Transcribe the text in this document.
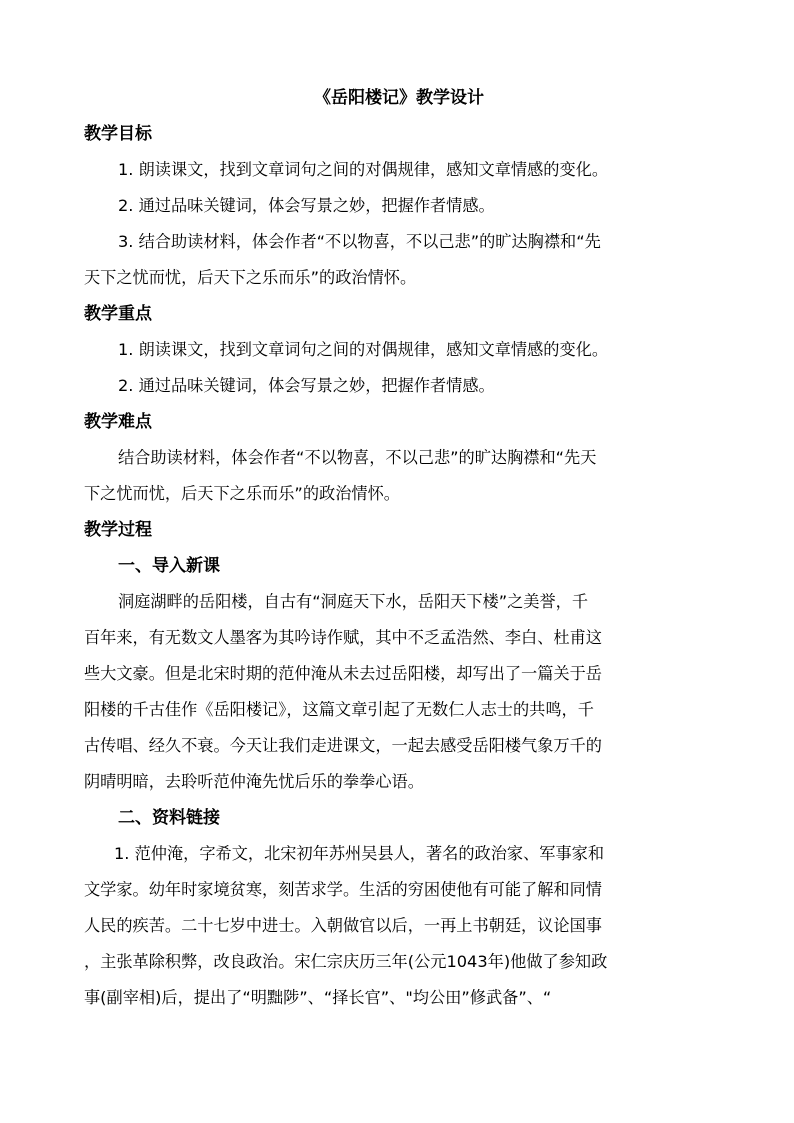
《岳阳楼记》教学设计
教学目标
1. 朗读课文，找到文章词句之间的对偶规律，感知文章情感的变化。
2. 通过品味关键词，体会写景之妙，把握作者情感。
3. 结合助读材料，体会作者“不以物喜，不以己悲”的旷达胸襟和“先
天下之忧而忧，后天下之乐而乐”的政治情怀。
教学重点
1. 朗读课文，找到文章词句之间的对偶规律，感知文章情感的变化。
2. 通过品味关键词，体会写景之妙，把握作者情感。
教学难点
结合助读材料，体会作者“不以物喜，不以己悲”的旷达胸襟和“先天
下之忧而忧，后天下之乐而乐”的政治情怀。
教学过程
一、导入新课
洞庭湖畔的岳阳楼，自古有“洞庭天下水，岳阳天下楼”之美誉，千
百年来，有无数文人墨客为其吟诗作赋，其中不乏孟浩然、李白、杜甫这
些大文豪。但是北宋时期的范仲淹从未去过岳阳楼，却写出了一篇关于岳
阳楼的千古佳作《岳阳楼记》，这篇文章引起了无数仁人志士的共鸣，千
古传唱、经久不衰。今天让我们走进课文，一起去感受岳阳楼气象万千的
阴晴明暗，去聆听范仲淹先忧后乐的拳拳心语。
二、资料链接
1. 范仲淹，字希文，北宋初年苏州吴县人，著名的政治家、军事家和
文学家。幼年时家境贫寒，刻苦求学。生活的穷困使他有可能了解和同情
人民的疾苦。二十七岁中进士。入朝做官以后，一再上书朝廷，议论国事
，主张革除积弊，改良政治。宋仁宗庆历三年(公元1043年)他做了参知政
事(副宰相)后，提出了“明黜陟”、“择长官”、"均公田”修武备”、“
